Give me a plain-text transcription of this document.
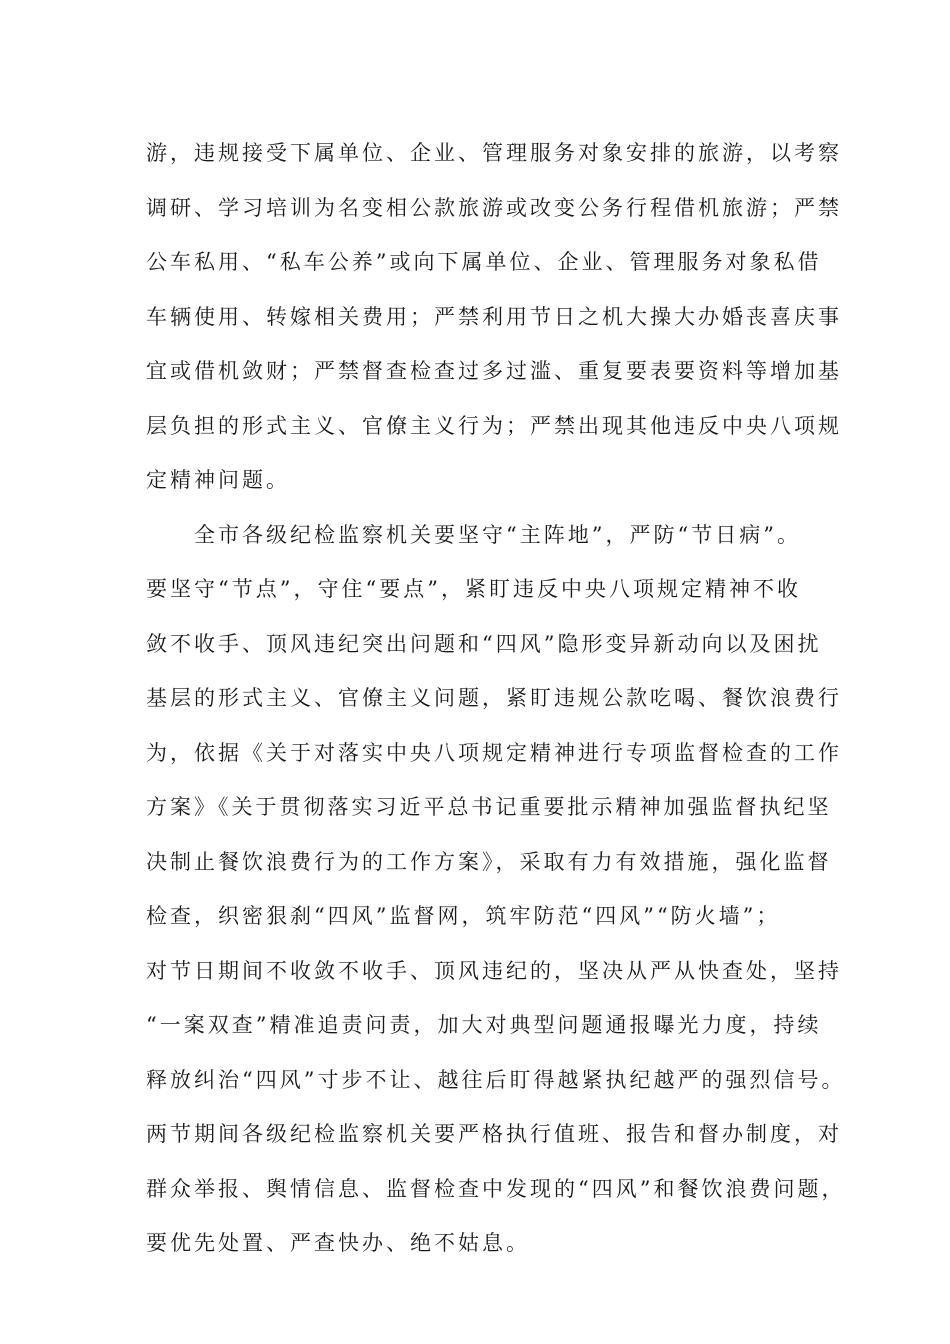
游，违规接受下属单位、企业、管理服务对象安排的旅游，以考察
调研、学习培训为名变相公款旅游或改变公务行程借机旅游；严禁
公车私用、“私车公养”或向下属单位、企业、管理服务对象私借
车辆使用、转嫁相关费用；严禁利用节日之机大操大办婚丧喜庆事
宜或借机敛财；严禁督查检查过多过滥、重复要表要资料等增加基
层负担的形式主义、官僚主义行为；严禁出现其他违反中央八项规
定精神问题。
　　全市各级纪检监察机关要坚守“主阵地”，严防“节日病”。
要坚守“节点”，守住“要点”，紧盯违反中央八项规定精神不收
敛不收手、顶风违纪突出问题和“四风”隐形变异新动向以及困扰
基层的形式主义、官僚主义问题，紧盯违规公款吃喝、餐饮浪费行
为，依据《关于对落实中央八项规定精神进行专项监督检查的工作
方案》《关于贯彻落实习近平总书记重要批示精神加强监督执纪坚
决制止餐饮浪费行为的工作方案》，采取有力有效措施，强化监督
检查，织密狠刹“四风”监督网，筑牢防范“四风”“防火墙”；
对节日期间不收敛不收手、顶风违纪的，坚决从严从快查处，坚持
“一案双查”精准追责问责，加大对典型问题通报曝光力度，持续
释放纠治“四风”寸步不让、越往后盯得越紧执纪越严的强烈信号。
两节期间各级纪检监察机关要严格执行值班、报告和督办制度，对
群众举报、舆情信息、监督检查中发现的“四风”和餐饮浪费问题，
要优先处置、严查快办、绝不姑息。
